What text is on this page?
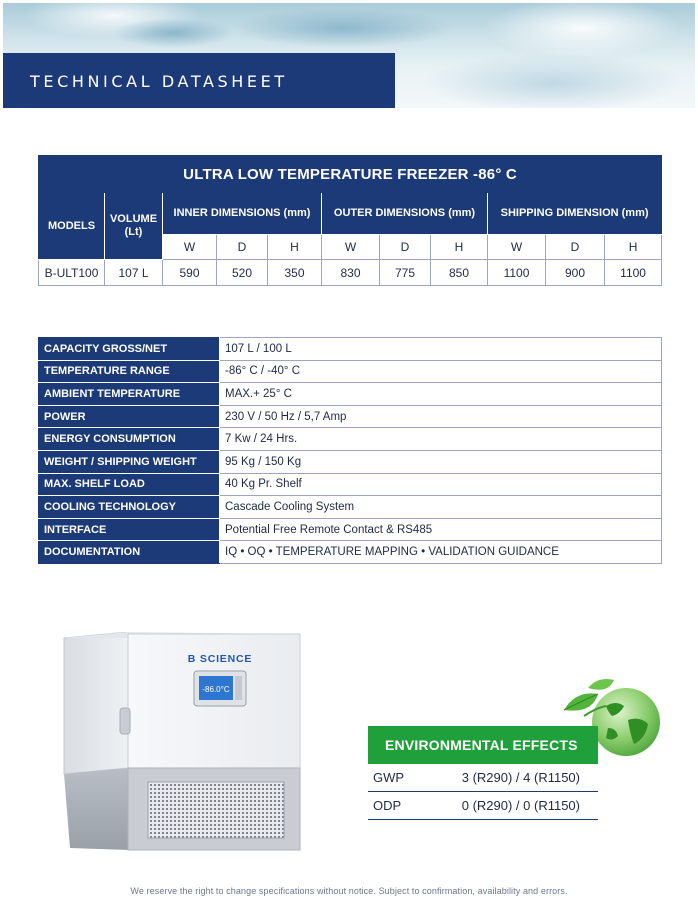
TECHNICAL DATASHEET
ULTRA LOW TEMPERATURE FREEZER -86° C										
MODELS	VOLUME (Lt)	INNER DIMENSIONS (mm)			OUTER DIMENSIONS (mm)			SHIPPING DIMENSION (mm)		
		W	D	H	W	D	H	W	D	H
B-ULT100	107 L	590	520	350	830	775	850	1100	900	1100
CAPACITY GROSS/NET	107 L / 100 L
TEMPERATURE RANGE	-86° C / -40° C
AMBIENT TEMPERATURE	MAX.+ 25° C
POWER	230 V / 50 Hz / 5,7 Amp
ENERGY CONSUMPTION	7 Kw / 24 Hrs.
WEIGHT / SHIPPING WEIGHT	95 Kg / 150 Kg
MAX. SHELF LOAD	40 Kg Pr. Shelf
COOLING TECHNOLOGY	Cascade Cooling System
INTERFACE	Potential Free Remote Contact & RS485
DOCUMENTATION	IQ • OQ • TEMPERATURE MAPPING • VALIDATION GUIDANCE
-86.0°C
B SCIENCE
ENVIRONMENTAL EFFECTS
GWP	3 (R290) / 4 (R1150)
ODP	0 (R290) / 0 (R1150)
We reserve the right to change specifications without notice. Subject to confirmation, availability and errors.
